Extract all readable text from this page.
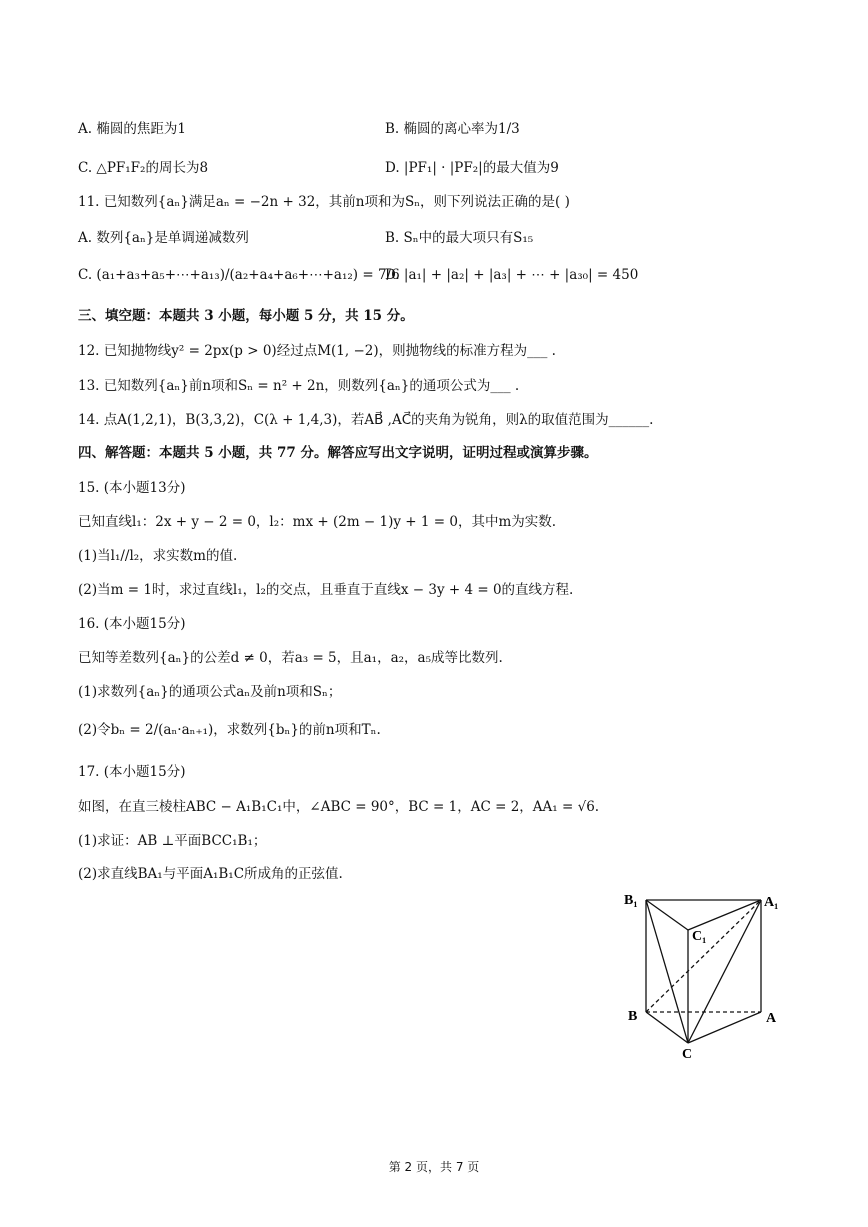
A. 椭圆的焦距为1	B. 椭圆的离心率为1/3
C. △PF₁F₂的周长为8	D. |PF₁| · |PF₂|的最大值为9
11. 已知数列{aₙ}满足aₙ = −2n + 32，其前n项和为Sₙ，则下列说法正确的是( )
A. 数列{aₙ}是单调递减数列	B. Sₙ中的最大项只有S₁₅
C. (a₁+a₃+a₅+⋯+a₁₃)/(a₂+a₄+a₆+⋯+a₁₂) = 7/6
D. |a₁| + |a₂| + |a₃| + ⋯ + |a₃₀| = 450
三、填空题：本题共 3 小题，每小题 5 分，共 15 分。
12. 已知抛物线y² = 2px(p > 0)经过点M(1, −2)，则抛物线的标准方程为___ .
13. 已知数列{aₙ}前n项和Sₙ = n² + 2n，则数列{aₙ}的通项公式为___ .
14. 点A(1,2,1)，B(3,3,2)，C(λ + 1,4,3)，若AB⃗ ,AC⃗的夹角为锐角，则λ的取值范围为______.
四、解答题：本题共 5 小题，共 77 分。解答应写出文字说明，证明过程或演算步骤。
15. (本小题13分)
已知直线l₁：2x + y − 2 = 0，l₂：mx + (2m − 1)y + 1 = 0，其中m为实数.
(1)当l₁//l₂，求实数m的值.
(2)当m = 1时，求过直线l₁，l₂的交点，且垂直于直线x − 3y + 4 = 0的直线方程.
16. (本小题15分)
已知等差数列{aₙ}的公差d ≠ 0，若a₃ = 5，且a₁，a₂，a₅成等比数列.
(1)求数列{aₙ}的通项公式aₙ及前n项和Sₙ；
(2)令bₙ = 2/(aₙ·aₙ₊₁)，求数列{bₙ}的前n项和Tₙ.
17. (本小题15分)
如图，在直三棱柱ABC − A₁B₁C₁中，∠ABC = 90°，BC = 1，AC = 2，AA₁ = √6.
(1)求证：AB ⊥平面BCC₁B₁；
(2)求直线BA₁与平面A₁B₁C所成角的正弦值.
B₁	A₁
C₁
B	A
C
第 2 页，共 7 页
